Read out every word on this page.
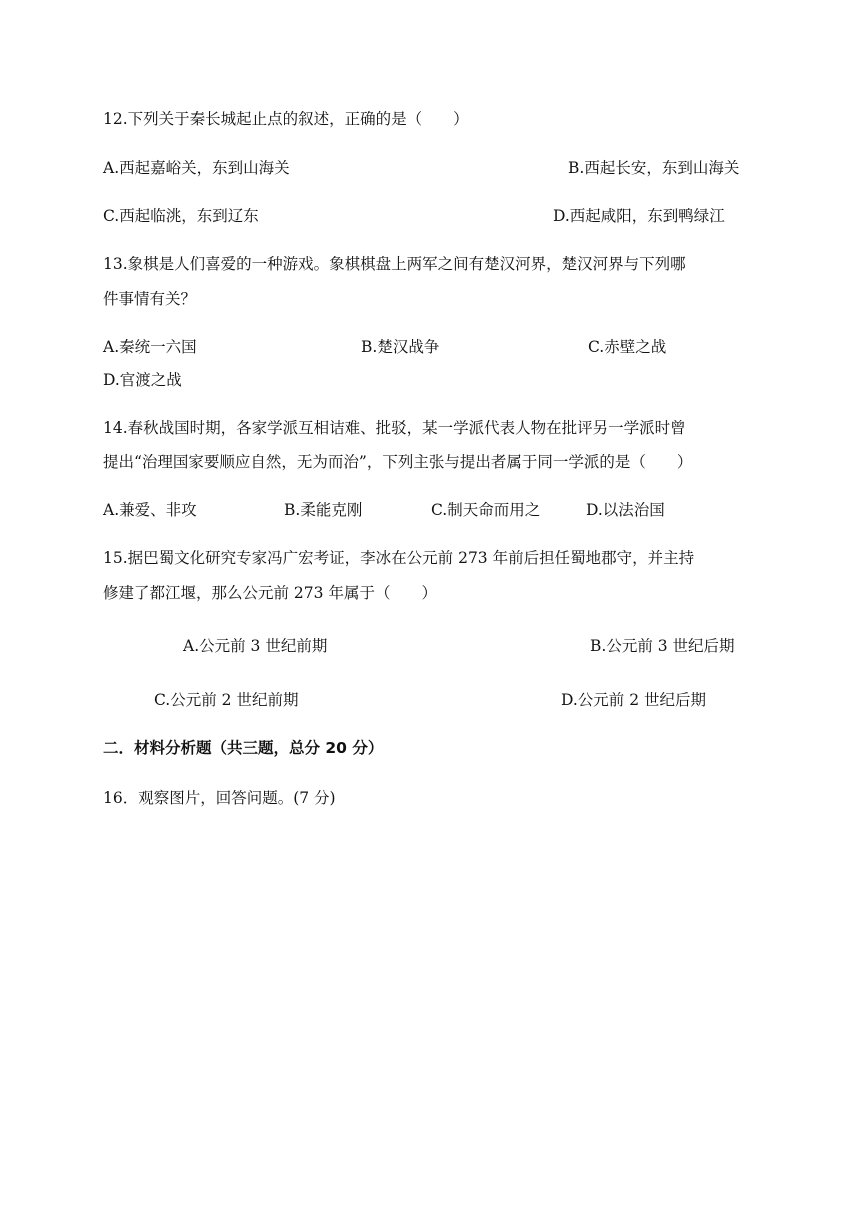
12.下列关于秦长城起止点的叙述，正确的是（　　）
A.西起嘉峪关，东到山海关	B.西起长安，东到山海关
C.西起临洮，东到辽东	D.西起咸阳，东到鸭绿江
13.象棋是人们喜爱的一种游戏。象棋棋盘上两军之间有楚汉河界，楚汉河界与下列哪
件事情有关？
A.秦统一六国	B.楚汉战争	C.赤壁之战
D.官渡之战
14.春秋战国时期，各家学派互相诘难、批驳，某一学派代表人物在批评另一学派时曾
提出“治理国家要顺应自然，无为而治”，下列主张与提出者属于同一学派的是（　　）
A.兼爱、非攻	B.柔能克刚	C.制天命而用之	D.以法治国
15.据巴蜀文化研究专家冯广宏考证，李冰在公元前 273 年前后担任蜀地郡守，并主持
修建了都江堰，那么公元前 273 年属于（　　）
A.公元前 3 世纪前期	B.公元前 3 世纪后期
C.公元前 2 世纪前期	D.公元前 2 世纪后期
二．材料分析题（共三题，总分 20 分）
16．观察图片，回答问题。(7 分)
